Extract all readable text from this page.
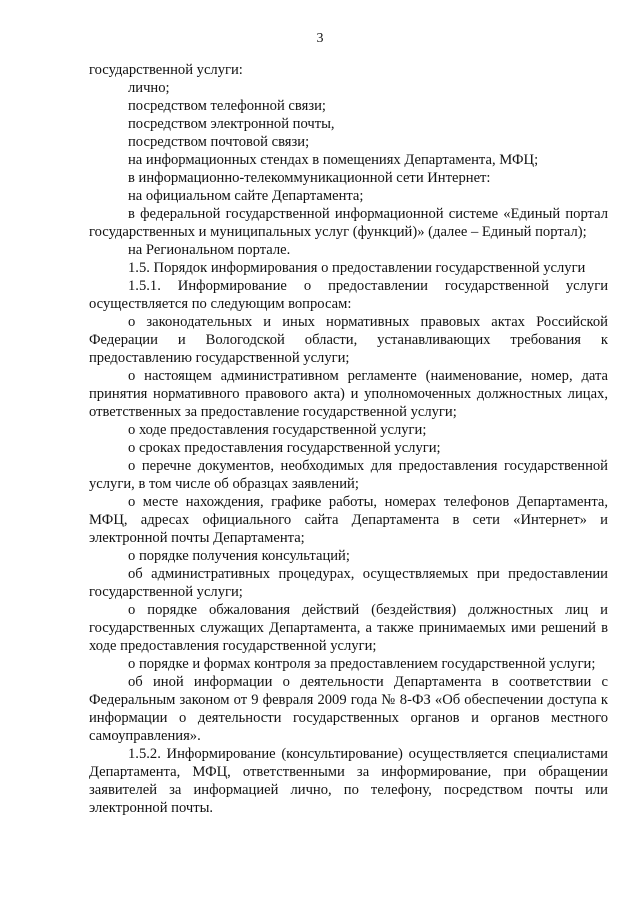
3

государственной услуги:

лично;

посредством телефонной связи;

посредством электронной почты,

посредством почтовой связи;

на информационных стендах в помещениях Департамента, МФЦ;

в информационно-телекоммуникационной сети Интернет:

на официальном сайте Департамента;

в федеральной государственной информационной системе «Единый портал государственных и муниципальных услуг (функций)» (далее – Единый портал);

на Региональном портале.

1.5. Порядок информирования о предоставлении государственной услуги

1.5.1. Информирование о предоставлении государственной услуги осуществляется по следующим вопросам:

о законодательных и иных нормативных правовых актах Российской Федерации и Вологодской области, устанавливающих требования к предоставлению государственной услуги;

о настоящем административном регламенте (наименование, номер, дата принятия нормативного правового акта) и уполномоченных должностных лицах, ответственных за предоставление государственной услуги;

о ходе предоставления государственной услуги;

о сроках предоставления государственной услуги;

о перечне документов, необходимых для предоставления государственной услуги, в том числе об образцах заявлений;

о месте нахождения, графике работы, номерах телефонов Департамента, МФЦ, адресах официального сайта Департамента в сети «Интернет» и электронной почты Департамента;

о порядке получения консультаций;

об административных процедурах, осуществляемых при предоставлении государственной услуги;

о порядке обжалования действий (бездействия) должностных лиц и государственных служащих Департамента, а также принимаемых ими решений в ходе предоставления государственной услуги;

о порядке и формах контроля за предоставлением государственной услуги;

об иной информации о деятельности Департамента в соответствии с Федеральным законом от 9 февраля 2009 года № 8-ФЗ «Об обеспечении доступа к информации о деятельности государственных органов и органов местного самоуправления».

1.5.2. Информирование (консультирование) осуществляется специалистами Департамента, МФЦ, ответственными за информирование, при обращении заявителей за информацией лично, по телефону, посредством почты или электронной почты.
